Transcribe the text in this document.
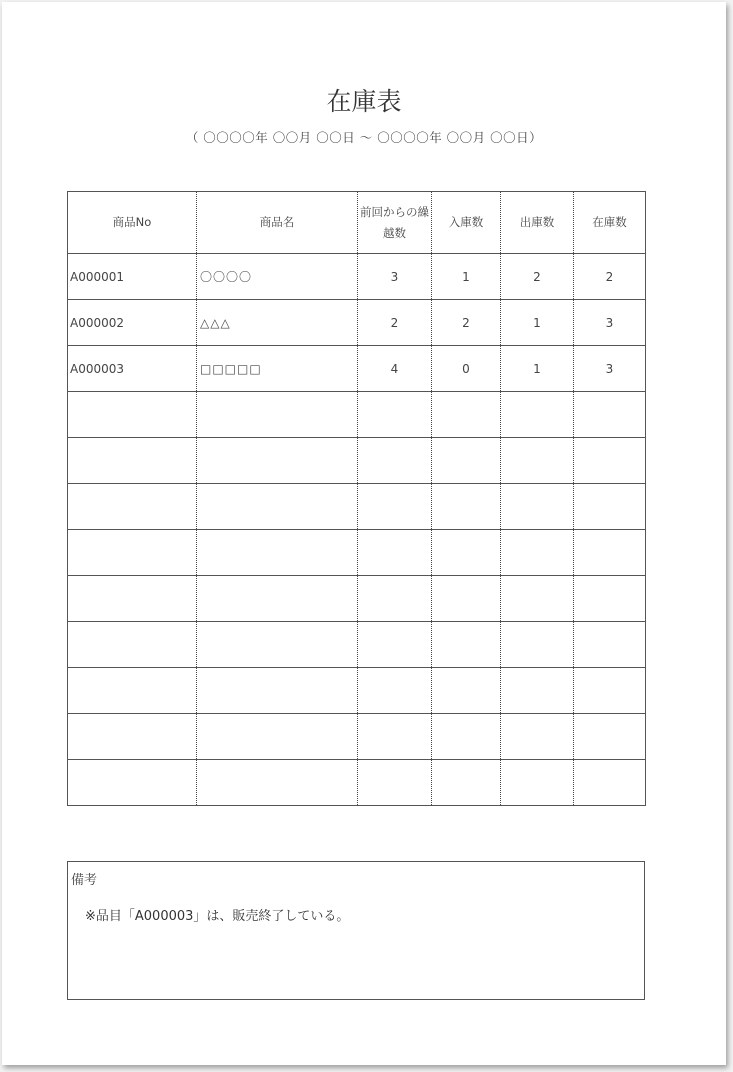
在庫表
（ 〇〇〇〇年 〇〇月 〇〇日 ～ 〇〇〇〇年 〇〇月 〇〇日）
商品No	商品名	前回からの繰越数	入庫数	出庫数	在庫数
A000001	〇〇〇〇	3	1	2	2
A000002	△△△	2	2	1	3
A000003	□□□□□	4	0	1	3

備考
※品目「A000003」は、販売終了している。
